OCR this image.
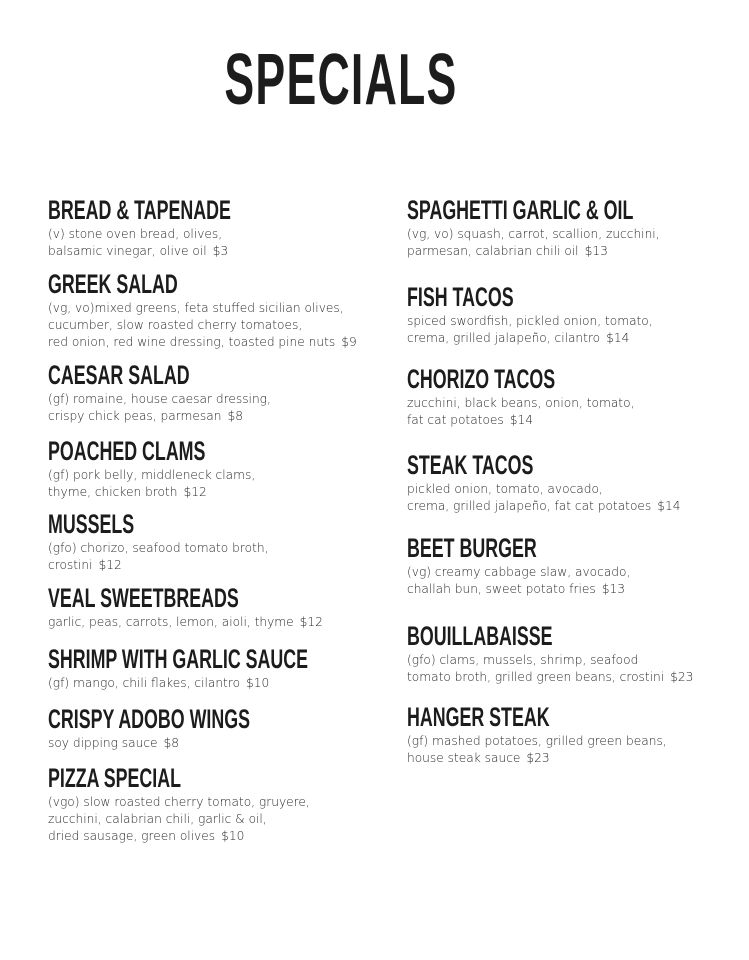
SPECIALS
BREAD & TAPENADE
(v) stone oven bread, olives,
balsamic vinegar, olive oil $3
GREEK SALAD
(vg, vo)mixed greens, feta stuffed sicilian olives,
cucumber, slow roasted cherry tomatoes,
red onion, red wine dressing, toasted pine nuts $9
CAESAR SALAD
(gf) romaine, house caesar dressing,
crispy chick peas, parmesan $8
POACHED CLAMS
(gf) pork belly, middleneck clams,
thyme, chicken broth $12
MUSSELS
(gfo) chorizo, seafood tomato broth,
crostini $12
VEAL SWEETBREADS
garlic, peas, carrots, lemon, aioli, thyme $12
SHRIMP WITH GARLIC SAUCE
(gf) mango, chili flakes, cilantro $10
CRISPY ADOBO WINGS
soy dipping sauce $8
PIZZA SPECIAL
(vgo) slow roasted cherry tomato, gruyere,
zucchini, calabrian chili, garlic & oil,
dried sausage, green olives $10
SPAGHETTI GARLIC & OIL
(vg, vo) squash, carrot, scallion, zucchini,
parmesan, calabrian chili oil $13
FISH TACOS
spiced swordfish, pickled onion, tomato,
crema, grilled jalapeño, cilantro $14
CHORIZO TACOS
zucchini, black beans, onion, tomato,
fat cat potatoes $14
STEAK TACOS
pickled onion, tomato, avocado,
crema, grilled jalapeño, fat cat potatoes $14
BEET BURGER
(vg) creamy cabbage slaw, avocado,
challah bun, sweet potato fries $13
BOUILLABAISSE
(gfo) clams, mussels, shrimp, seafood
tomato broth, grilled green beans, crostini $23
HANGER STEAK
(gf) mashed potatoes, grilled green beans,
house steak sauce $23
